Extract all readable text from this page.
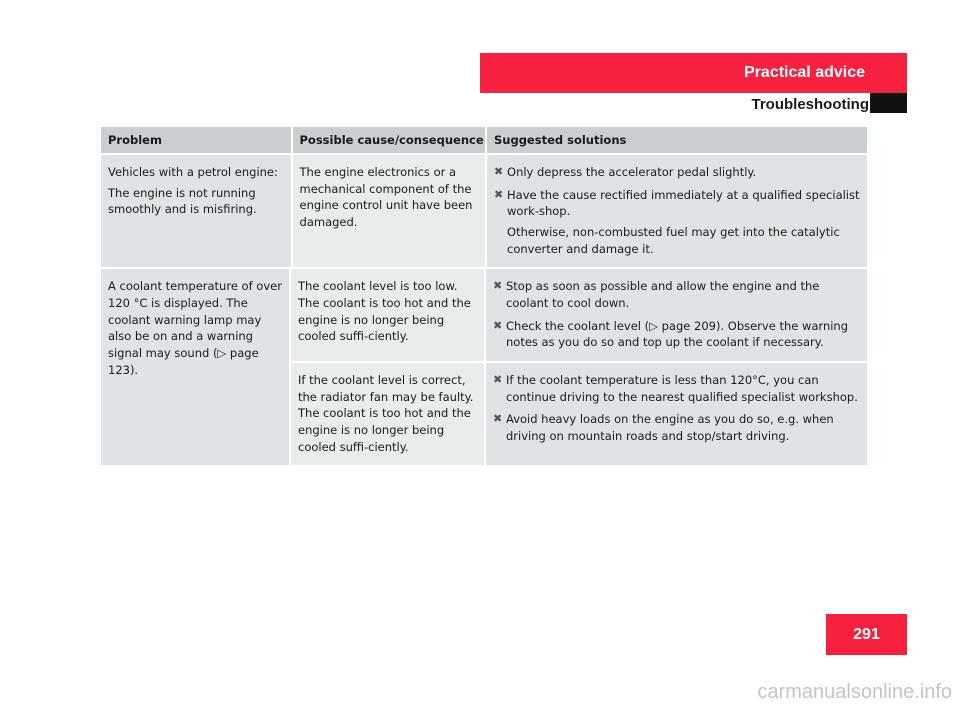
Practical advice
Troubleshooting
Problem	Possible cause/consequence Suggested solutions

Vehicles with a petrol engine:

The engine is not running smoothly and is misfiring.

The engine electronics or a mechanical component of the engine control unit have been damaged.
✖ Only depress the accelerator pedal slightly.

✖ Have the cause rectified immediately at a qualified specialist work-shop.

Otherwise, non-combusted fuel may get into the catalytic converter and damage it.

A coolant temperature of over 120 °C is displayed. The coolant warning lamp may also be on and a warning signal may sound (▷ page 123).
The coolant level is too low. The coolant is too hot and the engine is no longer being cooled suffi-ciently.
✖ Stop as soon as possible and allow the engine and the coolant to cool down.

✖ Check the coolant level (▷ page 209). Observe the warning notes as you do so and top up the coolant if necessary.

If the coolant level is correct, the radiator fan may be faulty. The coolant is too hot and the engine is no longer being cooled suffi-ciently.
✖ If the coolant temperature is less than 120°C, you can continue driving to the nearest qualified specialist workshop.

✖ Avoid heavy loads on the engine as you do so, e.g. when driving on mountain roads and stop/start driving.

291
carmanualsonline.info
